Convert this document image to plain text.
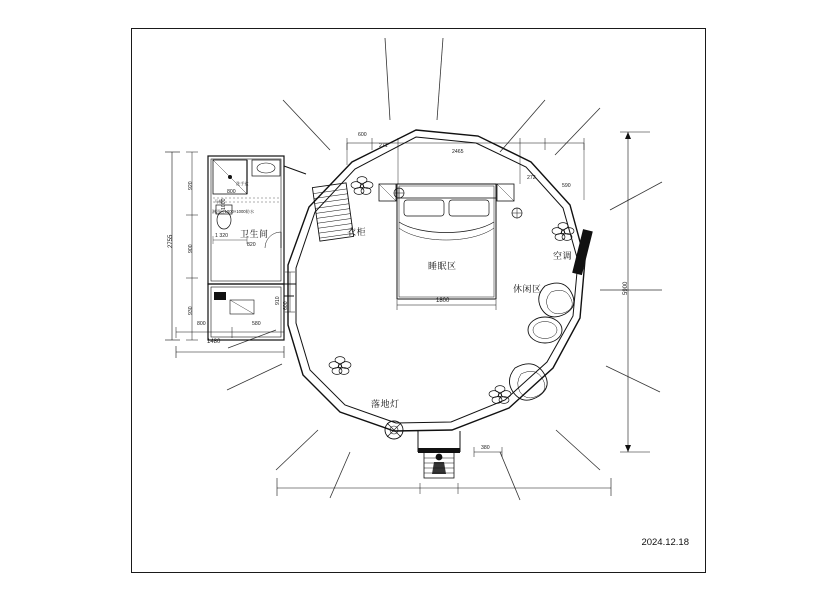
卫生间	衣柜
睡眠区
空调
休闲区
落地灯
2755
920
900
930
1480
800	580
1 320
820
800
1000
600
淋浴区1000×1000防水
马桶
洗手盆
600
271
2465
272
590
1800
5900
380
910
2024.12.18
